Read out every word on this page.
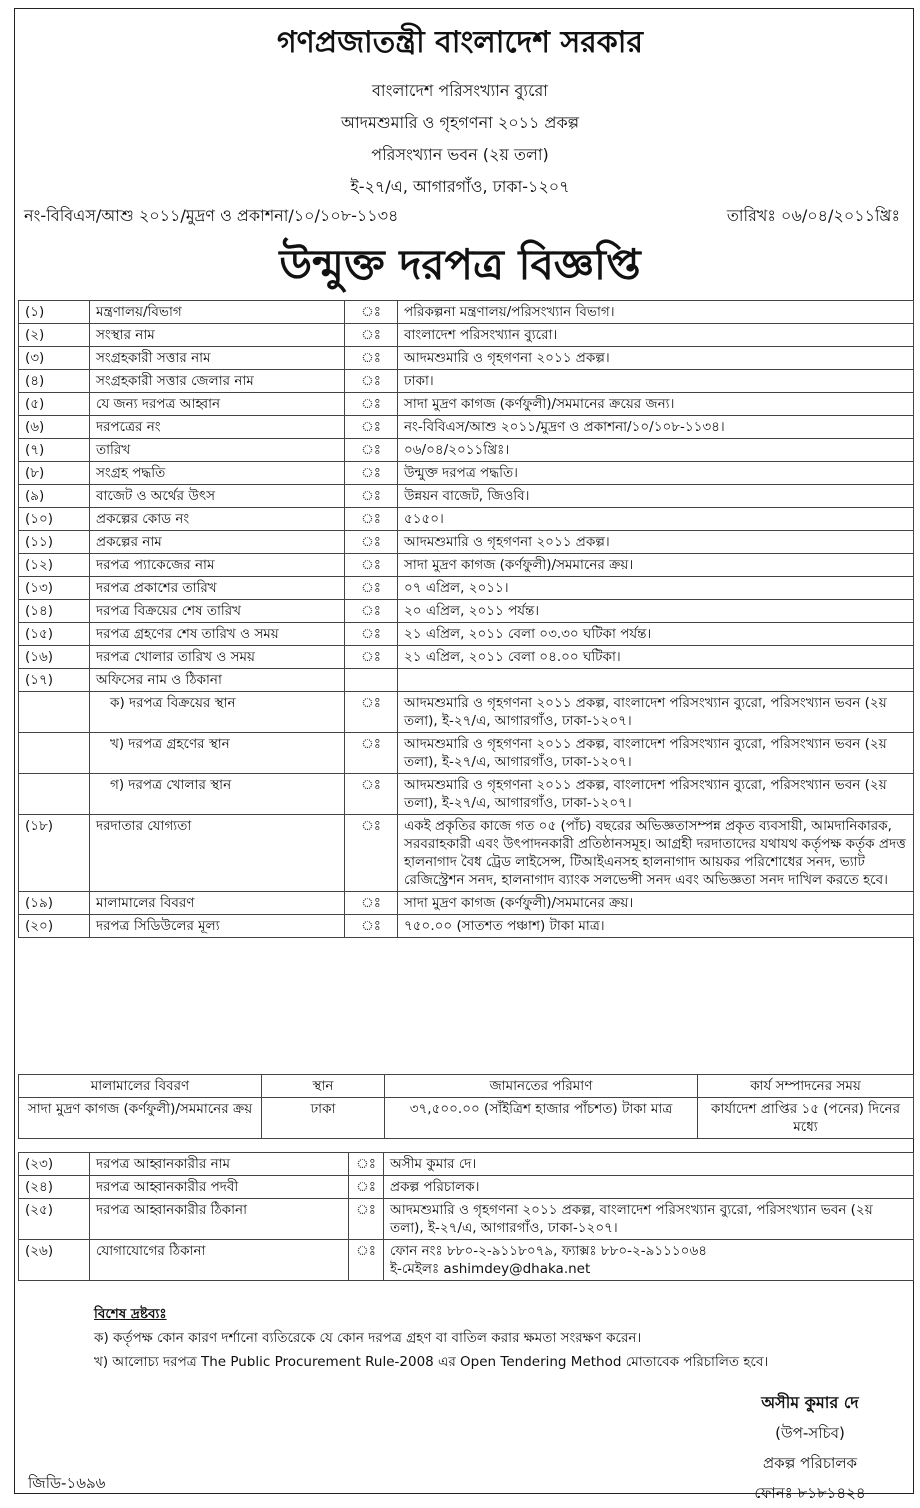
গণপ্রজাতন্ত্রী বাংলাদেশ সরকার
বাংলাদেশ পরিসংখ্যান ব্যুরো
আদমশুমারি ও গৃহগণনা ২০১১ প্রকল্প
পরিসংখ্যান ভবন (২য় তলা)
ই-২৭/এ, আগারগাঁও, ঢাকা-১২০৭
নং-বিবিএস/আশু ২০১১/মুদ্রণ ও প্রকাশনা/১০/১০৮-১১৩৪	তারিখঃ ০৬/০৪/২০১১খ্রিঃ
উন্মুক্ত দরপত্র বিজ্ঞপ্তি
(১)	মন্ত্রণালয়/বিভাগ	ঃ	পরিকল্পনা মন্ত্রণালয়/পরিসংখ্যান বিভাগ।
(২)	সংস্থার নাম	ঃ	বাংলাদেশ পরিসংখ্যান ব্যুরো।
(৩)	সংগ্রহকারী সত্তার নাম	ঃ	আদমশুমারি ও গৃহগণনা ২০১১ প্রকল্প।
(৪)	সংগ্রহকারী সত্তার জেলার নাম	ঃ	ঢাকা।
(৫)	যে জন্য দরপত্র আহ্বান	ঃ	সাদা মুদ্রণ কাগজ (কর্ণফুলী)/সমমানের ক্রয়ের জন্য।
(৬)	দরপত্রের নং	ঃ	নং-বিবিএস/আশু ২০১১/মুদ্রণ ও প্রকাশনা/১০/১০৮-১১৩৪।
(৭)	তারিখ	ঃ	০৬/০৪/২০১১খ্রিঃ।
(৮)	সংগ্রহ পদ্ধতি	ঃ	উন্মুক্ত দরপত্র পদ্ধতি।
(৯)	বাজেট ও অর্থের উৎস	ঃ	উন্নয়ন বাজেট, জিওবি।
(১০)	প্রকল্পের কোড নং	ঃ	৫১৫০।
(১১)	প্রকল্পের নাম	ঃ	আদমশুমারি ও গৃহগণনা ২০১১ প্রকল্প।
(১২)	দরপত্র প্যাকেজের নাম	ঃ	সাদা মুদ্রণ কাগজ (কর্ণফুলী)/সমমানের ক্রয়।
(১৩)	দরপত্র প্রকাশের তারিখ	ঃ	০৭ এপ্রিল, ২০১১।
(১৪)	দরপত্র বিক্রয়ের শেষ তারিখ	ঃ	২০ এপ্রিল, ২০১১ পর্যন্ত।
(১৫)	দরপত্র গ্রহণের শেষ তারিখ ও সময়	ঃ	২১ এপ্রিল, ২০১১ বেলা ০৩.৩০ ঘটিকা পর্যন্ত।
(১৬)	দরপত্র খোলার তারিখ ও সময়	ঃ	২১ এপ্রিল, ২০১১ বেলা ০৪.০০ ঘটিকা।
(১৭)	অফিসের নাম ও ঠিকানা		
	ক) দরপত্র বিক্রয়ের স্থান	ঃ	আদমশুমারি ও গৃহগণনা ২০১১ প্রকল্প, বাংলাদেশ পরিসংখ্যান ব্যুরো, পরিসংখ্যান ভবন (২য় তলা), ই-২৭/এ, আগারগাঁও, ঢাকা-১২০৭।
	খ) দরপত্র গ্রহণের স্থান	ঃ	আদমশুমারি ও গৃহগণনা ২০১১ প্রকল্প, বাংলাদেশ পরিসংখ্যান ব্যুরো, পরিসংখ্যান ভবন (২য় তলা), ই-২৭/এ, আগারগাঁও, ঢাকা-১২০৭।
	গ) দরপত্র খোলার স্থান	ঃ	আদমশুমারি ও গৃহগণনা ২০১১ প্রকল্প, বাংলাদেশ পরিসংখ্যান ব্যুরো, পরিসংখ্যান ভবন (২য় তলা), ই-২৭/এ, আগারগাঁও, ঢাকা-১২০৭।
(১৮)	দরদাতার যোগ্যতা	ঃ	একই প্রকৃতির কাজে গত ০৫ (পাঁচ) বছরের অভিজ্ঞতাসম্পন্ন প্রকৃত ব্যবসায়ী, আমদানিকারক, সরবরাহকারী এবং উৎপাদনকারী প্রতিষ্ঠানসমূহ। আগ্রহী দরদাতাদের যথাযথ কর্তৃপক্ষ কর্তৃক প্রদত্ত হালনাগাদ বৈধ ট্রেড লাইসেন্স, টিআইএনসহ হালনাগাদ আয়কর পরিশোধের সনদ, ভ্যাট রেজিস্ট্রেশন সনদ, হালনাগাদ ব্যাংক সলভেন্সী সনদ এবং অভিজ্ঞতা সনদ দাখিল করতে হবে।
(১৯)	মালামালের বিবরণ	ঃ	সাদা মুদ্রণ কাগজ (কর্ণফুলী)/সমমানের ক্রয়।
(২০)	দরপত্র সিডিউলের মূল্য	ঃ	৭৫০.০০ (সাতশত পঞ্চাশ) টাকা মাত্র।
মালামালের বিবরণ	স্থান	জামানতের পরিমাণ	কার্য সম্পাদনের সময়
সাদা মুদ্রণ কাগজ (কর্ণফুলী)/সমমানের ক্রয়	ঢাকা	৩৭,৫০০.০০ (সাঁইত্রিশ হাজার পাঁচশত) টাকা মাত্র	কার্যাদেশ প্রাপ্তির ১৫ (পনের) দিনের মধ্যে
(২৩)	দরপত্র আহ্বানকারীর নাম	ঃ	অসীম কুমার দে।

(২৪)	দরপত্র আহ্বানকারীর পদবী	ঃ	প্রকল্প পরিচালক।

(২৫)	দরপত্র আহ্বানকারীর ঠিকানা	ঃ	আদমশুমারি ও গৃহগণনা ২০১১ প্রকল্প, বাংলাদেশ পরিসংখ্যান ব্যুরো, পরিসংখ্যান ভবন (২য় তলা), ই-২৭/এ, আগারগাঁও, ঢাকা-১২০৭।

(২৬)	যোগাযোগের ঠিকানা	ঃ	ফোন নংঃ ৮৮০-২-৯১১৮০৭৯, ফ্যাক্সঃ ৮৮০-২-৯১১১০৬৪
ই-মেইলঃ ashimdey@dhaka.net
বিশেষ দ্রষ্টব্যঃ
ক) কর্তৃপক্ষ কোন কারণ দর্শানো ব্যতিরেকে যে কোন দরপত্র গ্রহণ বা বাতিল করার ক্ষমতা সংরক্ষণ করেন।
খ) আলোচ্য দরপত্র The Public Procurement Rule-2008 এর Open Tendering Method মোতাবেক পরিচালিত হবে।
অসীম কুমার দে
(উপ-সচিব)
প্রকল্প পরিচালক
ফোনঃ ৮১৮১৪২৪
জিডি-১৬৯৬
